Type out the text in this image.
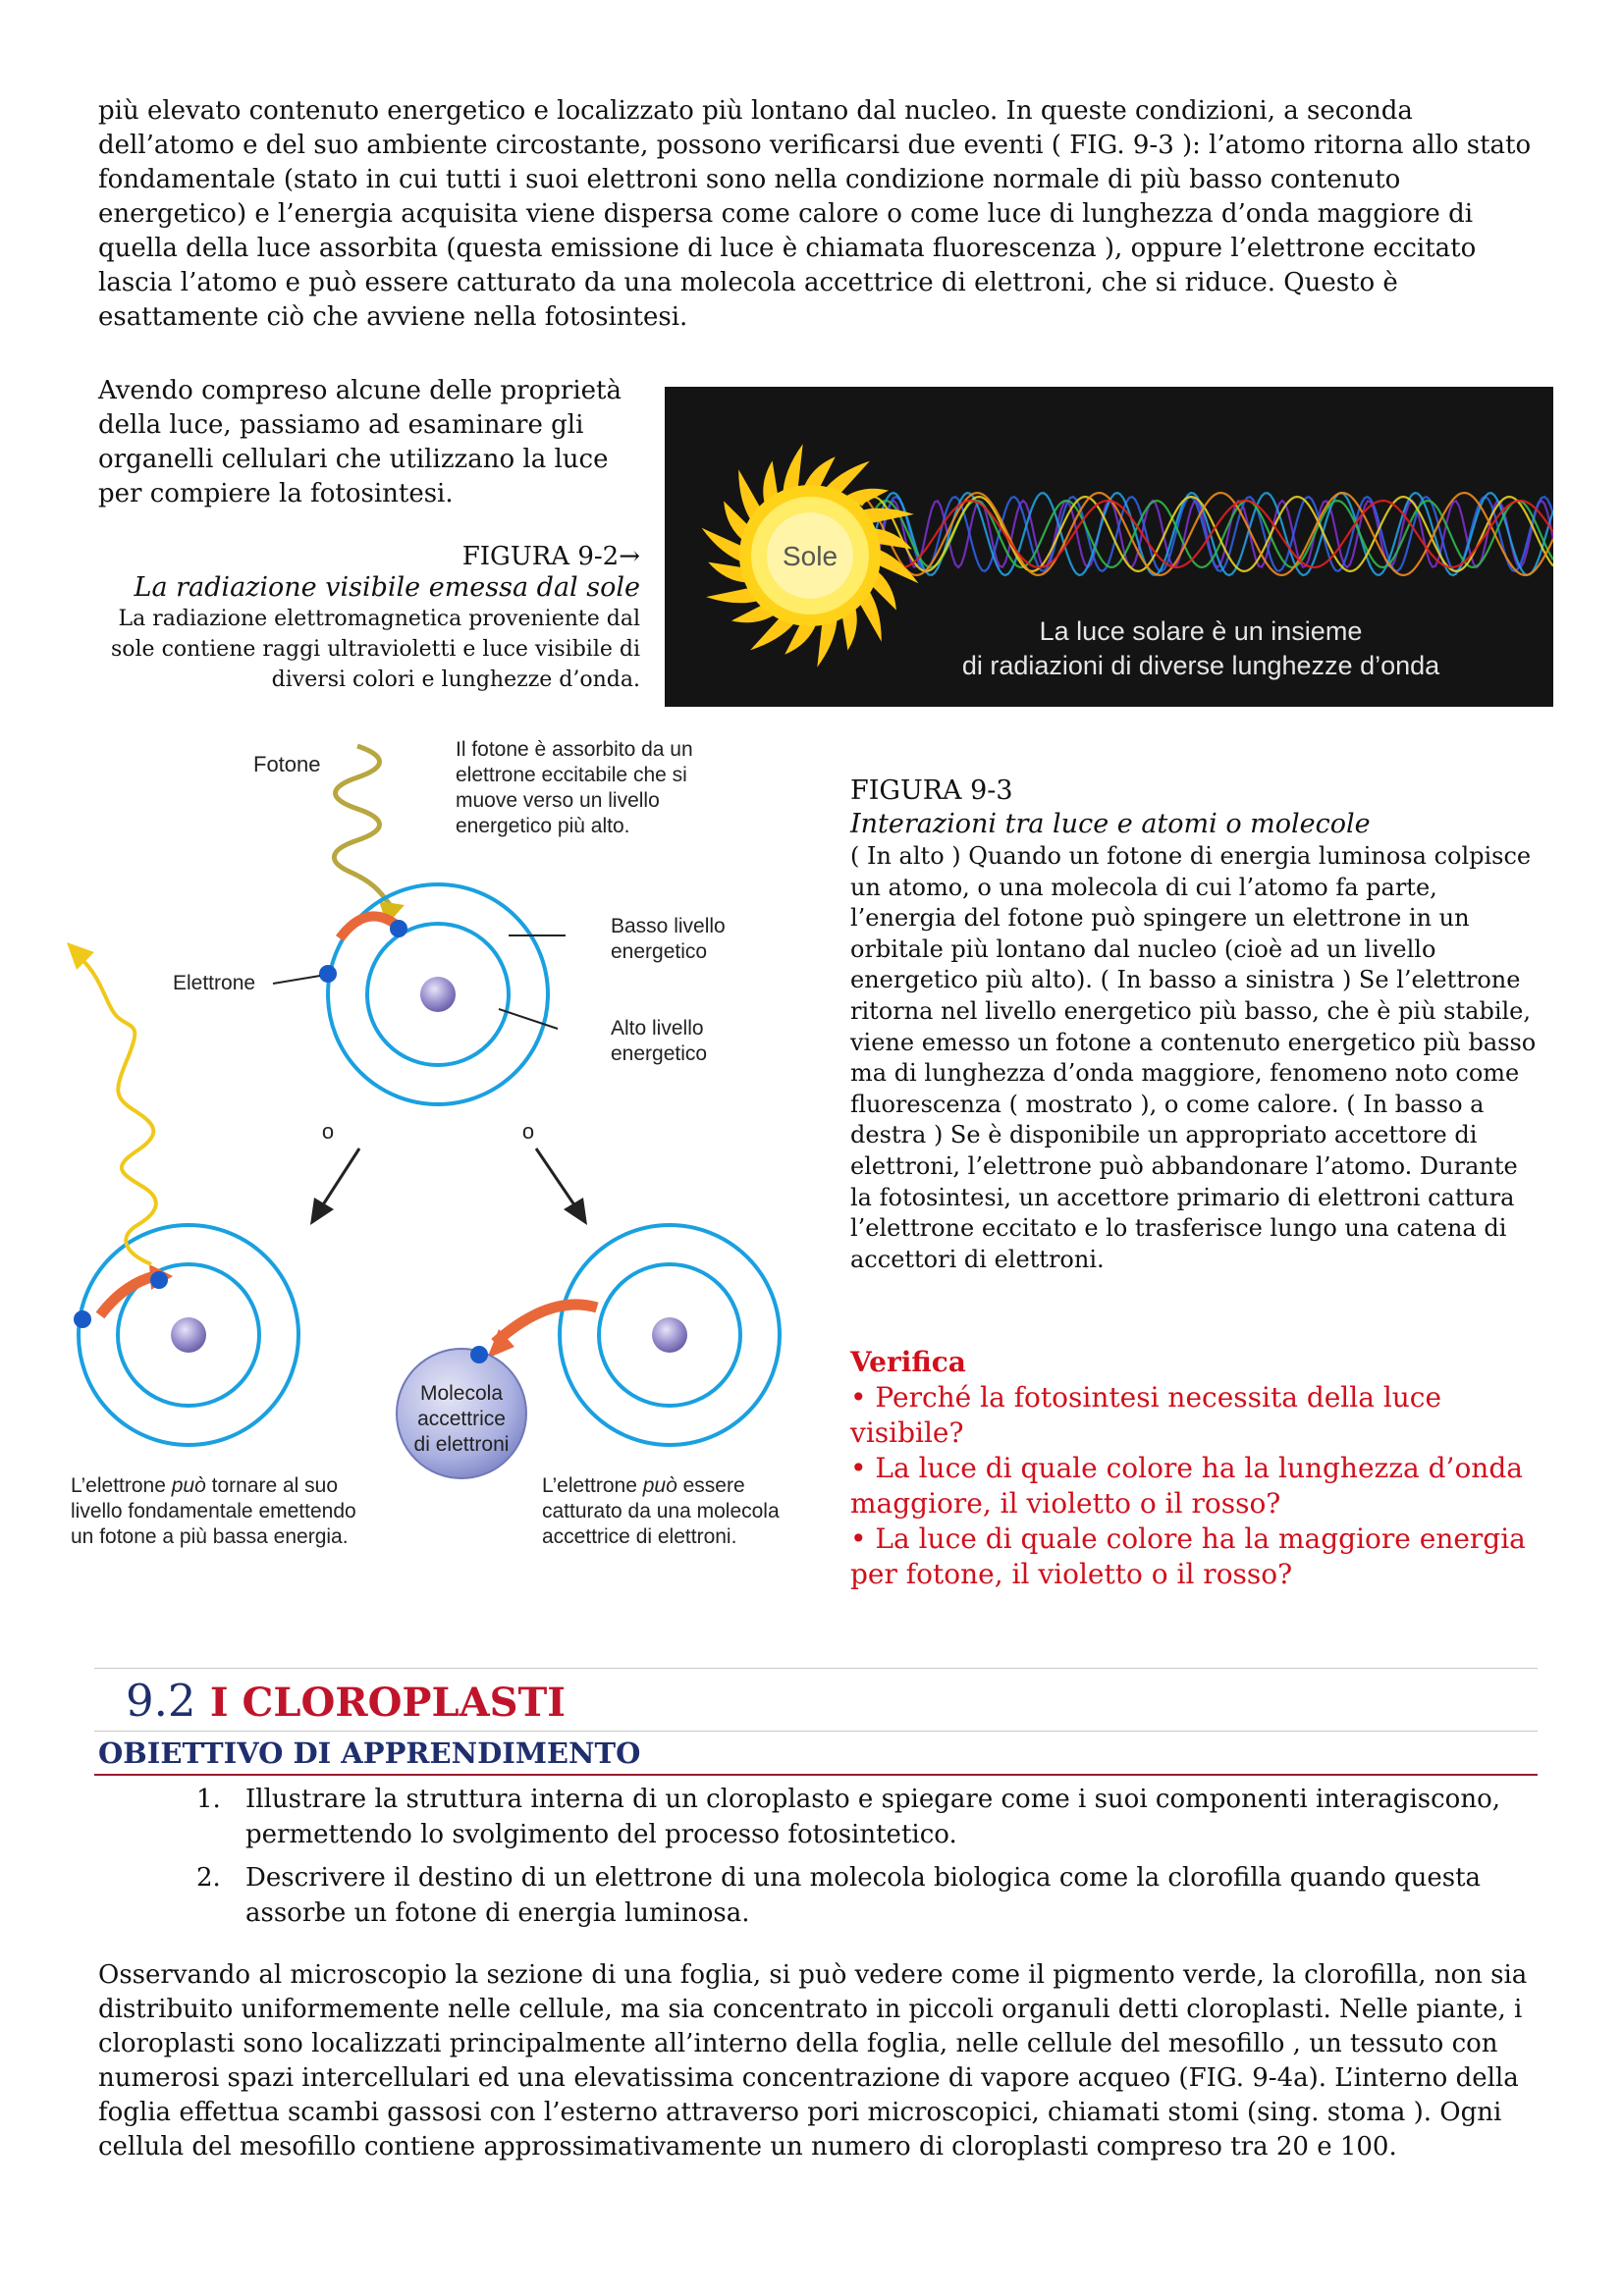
più elevato contenuto energetico e localizzato più lontano dal nucleo. In queste condizioni, a seconda dell’atomo e del suo ambiente circostante, possono verificarsi due eventi ( FIG. 9-3 ): l’atomo ritorna allo stato fondamentale (stato in cui tutti i suoi elettroni sono nella condizione normale di più basso contenuto energetico) e l’energia acquisita viene dispersa come calore o come luce di lunghezza d’onda maggiore di quella della luce assorbita (questa emissione di luce è chiamata fluorescenza ), oppure l’elettrone eccitato lascia l’atomo e può essere catturato da una molecola accettrice di elettroni, che si riduce. Questo è esattamente ciò che avviene nella fotosintesi.

Avendo compreso alcune delle proprietà della luce, passiamo ad esaminare gli organelli cellulari che utilizzano la luce per compiere la fotosintesi.

FIGURA 9-2→
La radiazione visibile emessa dal sole
La radiazione elettromagnetica proveniente dal sole contiene raggi ultravioletti e luce visibile di diversi colori e lunghezze d’onda.
Sole
La luce solare è un insieme
di radiazioni di diverse lunghezze d’onda
Fotone
Il fotone è assorbito da un
elettrone eccitabile che si
muove verso un livello
energetico più alto.
Basso livello
energetico
Alto livello
energetico
Elettrone
o	o
Molecola
accettrice
di elettroni
L’elettrone può tornare al suo
livello fondamentale emettendo
un fotone a più bassa energia.
L’elettrone può essere
catturato da una molecola
accettrice di elettroni.
FIGURA 9-3
Interazioni tra luce e atomi o molecole
( In alto ) Quando un fotone di energia luminosa colpisce un atomo, o una molecola di cui l’atomo fa parte, l’energia del fotone può spingere un elettrone in un orbitale più lontano dal nucleo (cioè ad un livello energetico più alto). ( In basso a sinistra ) Se l’elettrone ritorna nel livello energetico più basso, che è più stabile, viene emesso un fotone a contenuto energetico più basso ma di lunghezza d’onda maggiore, fenomeno noto come fluorescenza ( mostrato ), o come calore. ( In basso a destra ) Se è disponibile un appropriato accettore di elettroni, l’elettrone può abbandonare l’atomo. Durante la fotosintesi, un accettore primario di elettroni cattura l’elettrone eccitato e lo trasferisce lungo una catena di accettori di elettroni.
Verifica
• Perché la fotosintesi necessita della luce visibile?
• La luce di quale colore ha la lunghezza d’onda maggiore, il violetto o il rosso?
• La luce di quale colore ha la maggiore energia per fotone, il violetto o il rosso?
9.2 I CLOROPLASTI
OBIETTIVO DI APPRENDIMENTO
1. Illustrare la struttura interna di un cloroplasto e spiegare come i suoi componenti interagiscono, permettendo lo svolgimento del processo fotosintetico.
2. Descrivere il destino di un elettrone di una molecola biologica come la clorofilla quando questa assorbe un fotone di energia luminosa.

Osservando al microscopio la sezione di una foglia, si può vedere come il pigmento verde, la clorofilla, non sia distribuito uniformemente nelle cellule, ma sia concentrato in piccoli organuli detti cloroplasti. Nelle piante, i cloroplasti sono localizzati principalmente all’interno della foglia, nelle cellule del mesofillo , un tessuto con numerosi spazi intercellulari ed una elevatissima concentrazione di vapore acqueo (FIG. 9-4a). L’interno della foglia effettua scambi gassosi con l’esterno attraverso pori microscopici, chiamati stomi (sing. stoma ). Ogni cellula del mesofillo contiene approssimativamente un numero di cloroplasti compreso tra 20 e 100.
